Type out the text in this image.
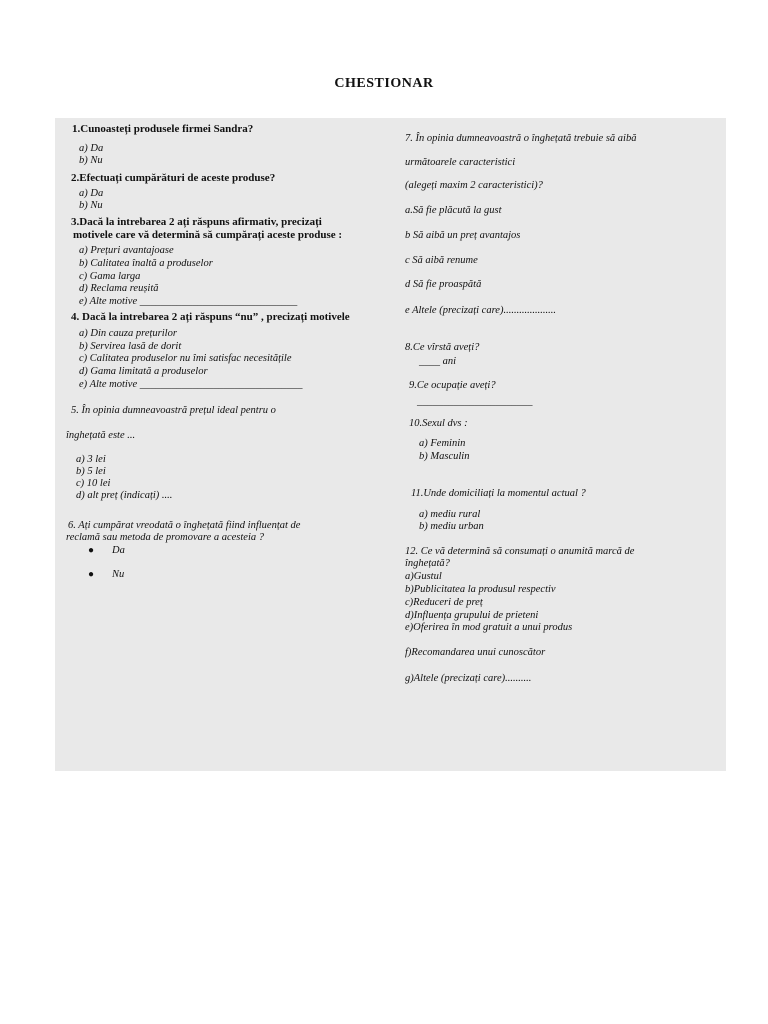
CHESTIONAR
1.Cunoasteți produsele firmei Sandra?
a) Da
b) Nu
2.Efectuați cumpărături de aceste produse?
a) Da
b) Nu
3.Dacă la intrebarea 2 ați răspuns afirmativ, precizați
motivele care vă determină să cumpărați aceste produse :
a) Prețuri avantajoase
b) Calitatea înaltă a produselor
c) Gama larga
d) Reclama reușită
e) Alte motive ______________________________
4. Dacă la intrebarea 2 ați răspuns “nu” , precizați motivele
a) Din cauza prețurilor
b) Servirea lasă de dorit
c) Calitatea produselor nu îmi satisfac necesitățile
d) Gama limitată a produselor
e) Alte motive _______________________________
5. În opinia dumneavoastră prețul ideal pentru o
înghețată este ...
a) 3 lei
b) 5 lei
c) 10 lei
d) alt preț (indicați) ....
6. Ați cumpărat vreodată o înghețată fiind influențat de
reclamă sau metoda de promovare a acesteia ?
● Da
● Nu
7. În opinia dumneavoastră o înghețată trebuie să aibă
următoarele caracteristici
(alegeți maxim 2 caracteristici)?
a.Să fie plăcută la gust
b Să aibă un preț avantajos
c Să aibă renume
d Să fie proaspătă
e Altele (precizați care)....................
8.Ce vîrstă aveți?
____ ani
9.Ce ocupație aveți?
______________________
10.Sexul dvs :
a) Feminin
b) Masculin
11.Unde domiciliați la momentul actual ?
a) mediu rural
b) mediu urban
12. Ce vă determină să consumați o anumită marcă de
înghețată?
a)Gustul
b)Publicitatea la produsul respectiv
c)Reduceri de preț
d)Influența grupului de prieteni
e)Oferirea în mod gratuit a unui produs
f)Recomandarea unui cunoscător
g)Altele (precizați care)..........
